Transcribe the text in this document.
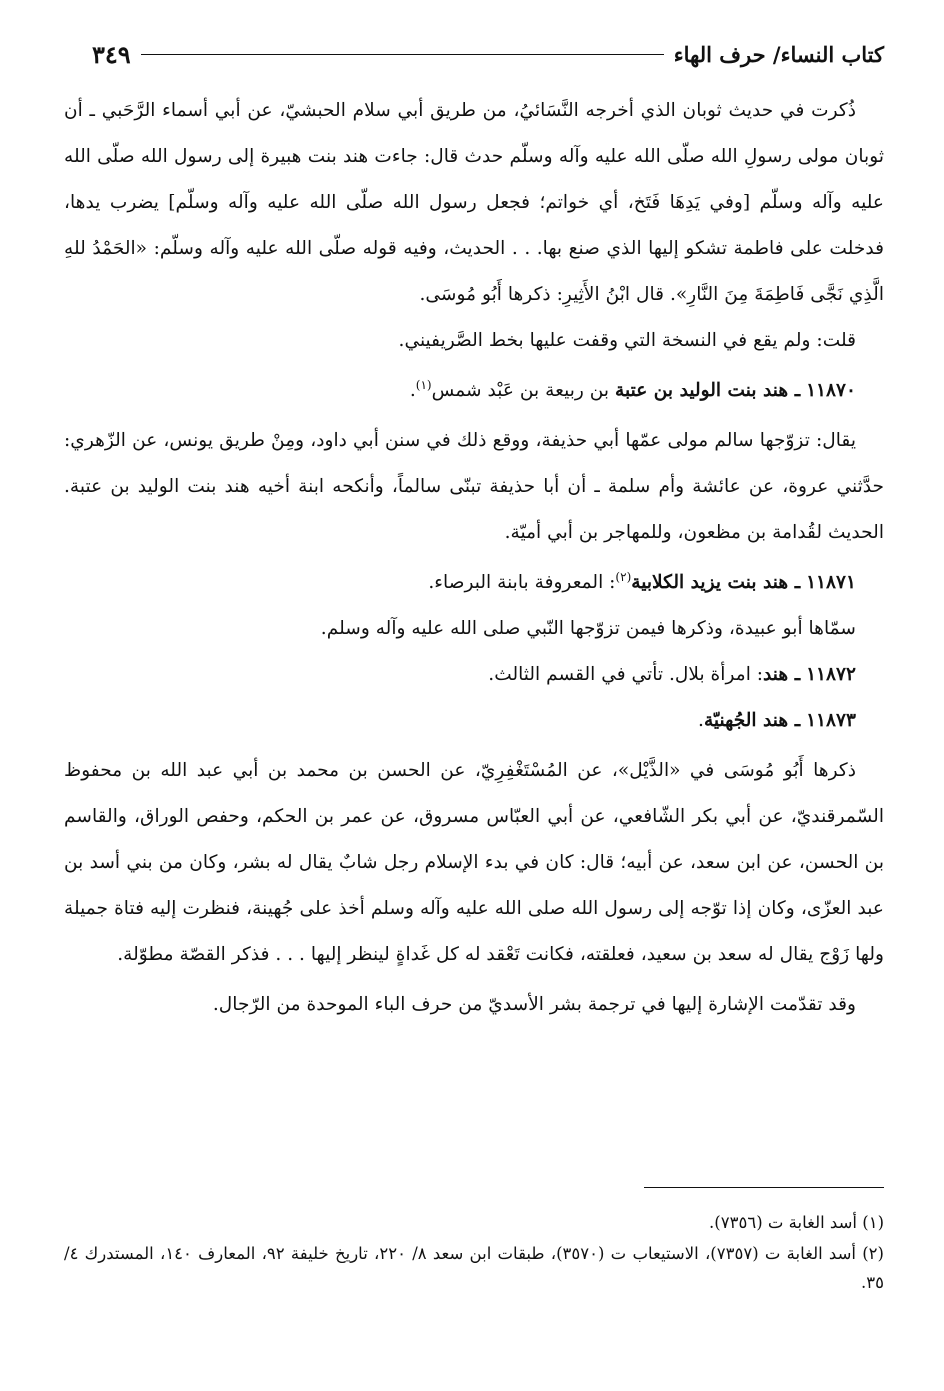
كتاب النساء/ حرف الهاء
٣٤٩

ذُكرت في حديث ثوبان الذي أخرجه النَّسَائيُ، من طريق أبي سلام الحبشيّ، عن أبي أسماء الرَّحَبي ـ أن ثوبان مولى رسولِ الله صلّى الله عليه وآله وسلّم حدث قال: جاءت هند بنت هبيرة إلى رسول الله صلّى الله عليه وآله وسلّم [وفي يَدِهَا فَتَخ، أي خواتم؛ فجعل رسول الله صلّى الله عليه وآله وسلّم] يضرب يدها، فدخلت على فاطمة تشكو إليها الذي صنع بها. . . الحديث، وفيه قوله صلّى الله عليه وآله وسلّم: «الحَمْدُ للهِ الَّذِي نَجَّى فَاطِمَةَ مِنَ النَّارِ». قال ابْنُ الأَثِيرِ: ذكرها أَبُو مُوسَى.

قلت: ولم يقع في النسخة التي وقفت عليها بخط الصَّريفيني.

١١٨٧٠ ـ هند بنت الوليد بن عتبة بن ربيعة بن عَبْد شمس$^{(١)}$.

يقال: تزوّجها سالم مولى عمّها أبي حذيفة، ووقع ذلك في سنن أبي داود، ومِنْ طريق يونس، عن الزّهري: حدَّثني عروة، عن عائشة وأم سلمة ـ أن أبا حذيفة تبنّى سالماً، وأنكحه ابنة أخيه هند بنت الوليد بن عتبة. الحديث لقُدامة بن مظعون، وللمهاجر بن أبي أميّة.

١١٨٧١ ـ هند بنت يزيد الكلابية$^{(٢)}$: المعروفة بابنة البرصاء.

سمّاها أبو عبيدة، وذكرها فيمن تزوّجها النّبي صلى الله عليه وآله وسلم.

١١٨٧٢ ـ هند: امرأة بلال. تأتي في القسم الثالث.

١١٨٧٣ ـ هند الجُهنيّة.

ذكرها أَبُو مُوسَى في «الذَّيْل»، عن المُسْتَغْفِرِيّ، عن الحسن بن محمد بن أبي عبد الله بن محفوظ السّمرقنديّ، عن أبي بكر الشّافعي، عن أبي العبّاس مسروق، عن عمر بن الحكم، وحفص الوراق، والقاسم بن الحسن، عن ابن سعد، عن أبيه؛ قال: كان في بدء الإسلام رجل شابٌ يقال له بشر، وكان من بني أسد بن عبد العزّى، وكان إذا توّجه إلى رسول الله صلى الله عليه وآله وسلم أخذ على جُهينة، فنظرت إليه فتاة جميلة ولها زَوْج يقال له سعد بن سعيد، فعلقته، فكانت تَعْقد له كل غَداةٍ لينظر إليها . . . فذكر القصّة مطوّلة.

وقد تقدّمت الإشارة إليها في ترجمة بشر الأسديّ من حرف الباء الموحدة من الرّجال.

(١) أسد الغابة ت (٧٣٥٦).

(٢) أسد الغابة ت (٧٣٥٧)، الاستيعاب ت (٣٥٧٠)، طبقات ابن سعد ٨/ ٢٢٠، تاريخ خليفة ٩٢، المعارف ١٤٠، المستدرك ٤/ ٣٥.
